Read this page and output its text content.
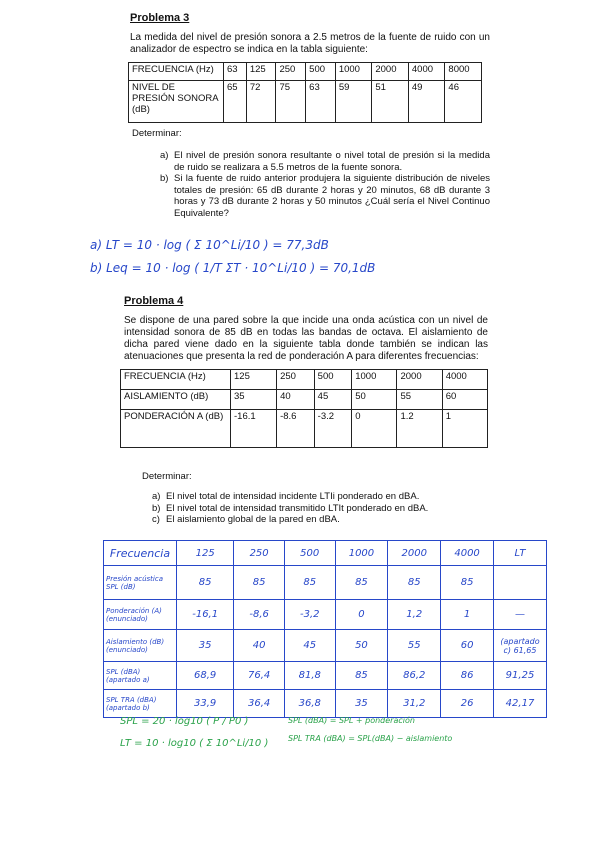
Problema 3
La medida del nivel de presión sonora a 2.5 metros de la fuente de ruido con un analizador de espectro se indica en la tabla siguiente:
FRECUENCIA (Hz)	63	125	250	500	1000	2000	4000	8000
NIVEL DE PRESIÓN SONORA (dB)	65	72	75	63	59	51	49	46
Determinar:
a) El nivel de presión sonora resultante o nivel total de presión si la medida de ruido se realizara a 5.5 metros de la fuente sonora.
b) Si la fuente de ruido anterior produjera la siguiente distribución de niveles totales de presión: 65 dB durante 2 horas y 20 minutos, 68 dB durante 3 horas y 73 dB durante 2 horas y 50 minutos ¿Cuál sería el Nivel Continuo Equivalente?
a) LT = 10 · log ( Σ 10^Li/10 ) = 77,3dB
b) Leq = 10 · log ( 1/T ΣT · 10^Li/10 ) = 70,1dB
Problema 4
Se dispone de una pared sobre la que incide una onda acústica con un nivel de intensidad sonora de 85 dB en todas las bandas de octava. El aislamiento de dicha pared viene dado en la siguiente tabla donde también se indican las atenuaciones que presenta la red de ponderación A para diferentes frecuencias:
FRECUENCIA (Hz)	125	250	500	1000	2000	4000
AISLAMIENTO (dB)	35	40	45	50	55	60
PONDERACIÓN A (dB)	-16.1	-8.6	-3.2	0	1.2	1
Determinar:
a) El nivel total de intensidad incidente LTIi ponderado en dBA.
b) El nivel total de intensidad transmitido LTIt ponderado en dBA.
c) El aislamiento global de la pared en dBA.
Frecuencia	125	250	500	1000	2000	4000	LT
Presión acústica SPL (dB)	85	85	85	85	85	85	
Ponderación (A) (enunciado)	-16,1	-8,6	-3,2	0	1,2	1	—
Aislamiento (dB) (enunciado)	35	40	45	50	55	60	(apartado c) 61,65
SPL (dBA) (apartado a)	68,9	76,4	81,8	85	86,2	86	91,25
SPL TRA (dBA) (apartado b)	33,9	36,4	36,8	35	31,2	26	42,17
SPL = 20 · log10 ( P / P0 )
LT = 10 · log10 ( Σ 10^Li/10 )
SPL (dBA) = SPL + ponderación
SPL TRA (dBA) = SPL(dBA) − aislamiento
